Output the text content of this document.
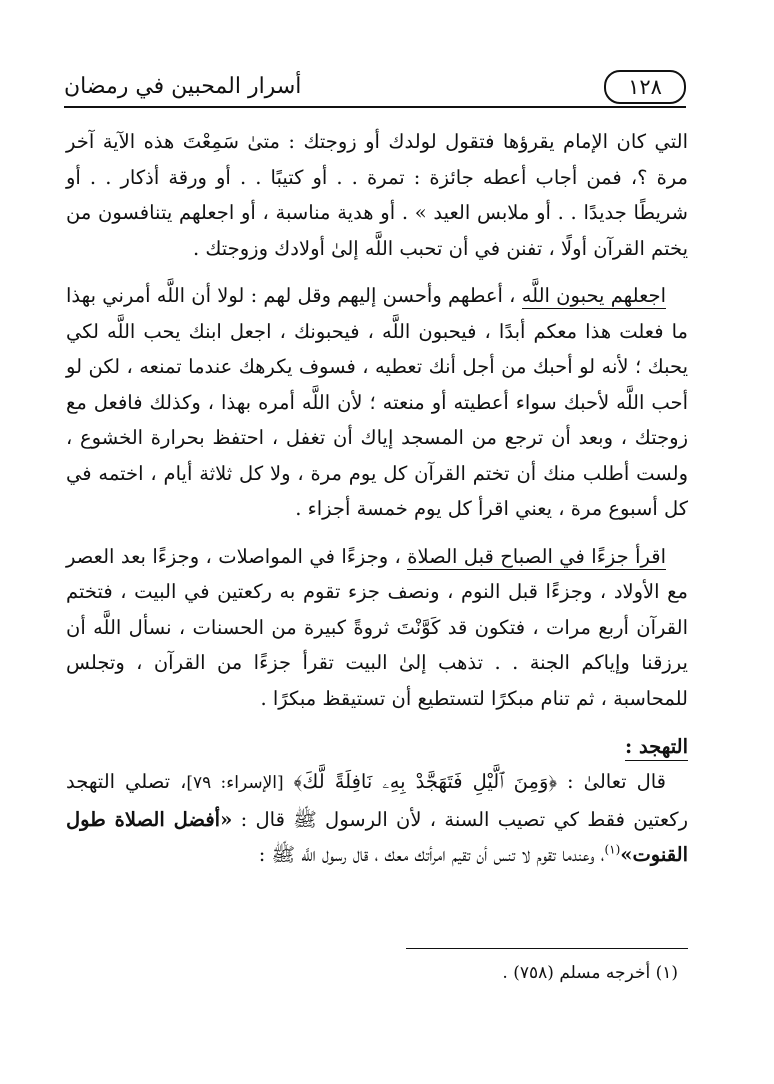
١٢٨
أسرار المحبين في رمضان

التي كان الإمام يقرؤها فتقول لولدك أو زوجتك : متىٰ سَمِعْتَ هذه الآية آخر مرة ؟، فمن أجاب أعطه جائزة : تمرة . . أو كتيبًا . . أو ورقة أذكار . . أو شريطًا جديدًا . . أو ملابس العيد » . أو هدية مناسبة ، أو اجعلهم يتنافسون من يختم القرآن أولًا ، تفنن في أن تحبب اللَّه إلىٰ أولادك وزوجتك .

اجعلهم يحبون اللَّه ، أعطهم وأحسن إليهم وقل لهم : لولا أن اللَّه أمرني بهذا ما فعلت هذا معكم أبدًا ، فيحبون اللَّه ، فيحبونك ، اجعل ابنك يحب اللَّه لكي يحبك ؛ لأنه لو أحبك من أجل أنك تعطيه ، فسوف يكرهك عندما تمنعه ، لكن لو أحب اللَّه لأحبك سواء أعطيته أو منعته ؛ لأن اللَّه أمره بهذا ، وكذلك فافعل مع زوجتك ، وبعد أن ترجع من المسجد إياك أن تغفل ، احتفظ بحرارة الخشوع ، ولست أطلب منك أن تختم القرآن كل يوم مرة ، ولا كل ثلاثة أيام ، اختمه في كل أسبوع مرة ، يعني اقرأ كل يوم خمسة أجزاء .

اقرأ جزءًا في الصباح قبل الصلاة ، وجزءًا في المواصلات ، وجزءًا بعد العصر مع الأولاد ، وجزءًا قبل النوم ، ونصف جزء تقوم به ركعتين في البيت ، فتختم القرآن أربع مرات ، فتكون قد كَوَّنْتَ ثروةً كبيرة من الحسنات ، نسأل اللَّه أن يرزقنا وإياكم الجنة . . تذهب إلىٰ البيت تقرأ جزءًا من القرآن ، وتجلس للمحاسبة ، ثم تنام مبكرًا لتستطيع أن تستيقظ مبكرًا .

التهجد :

قال تعالىٰ : ﴿وَمِنَ ٱلَّيْلِ فَتَهَجَّدْ بِهِۦ نَافِلَةً لَّكَ﴾ [الإسراء: ٧٩]، تصلي التهجد ركعتين فقط كي تصيب السنة ، لأن الرسول ﷺ قال : «أفضل الصلاة طول القنوت»$^{(١)}$، وعندما تقوم لا تنس أن تقيم امرأتك معك ، قال رسول اللَّه ﷺ :

(١) أخرجه مسلم (٧٥٨) .
